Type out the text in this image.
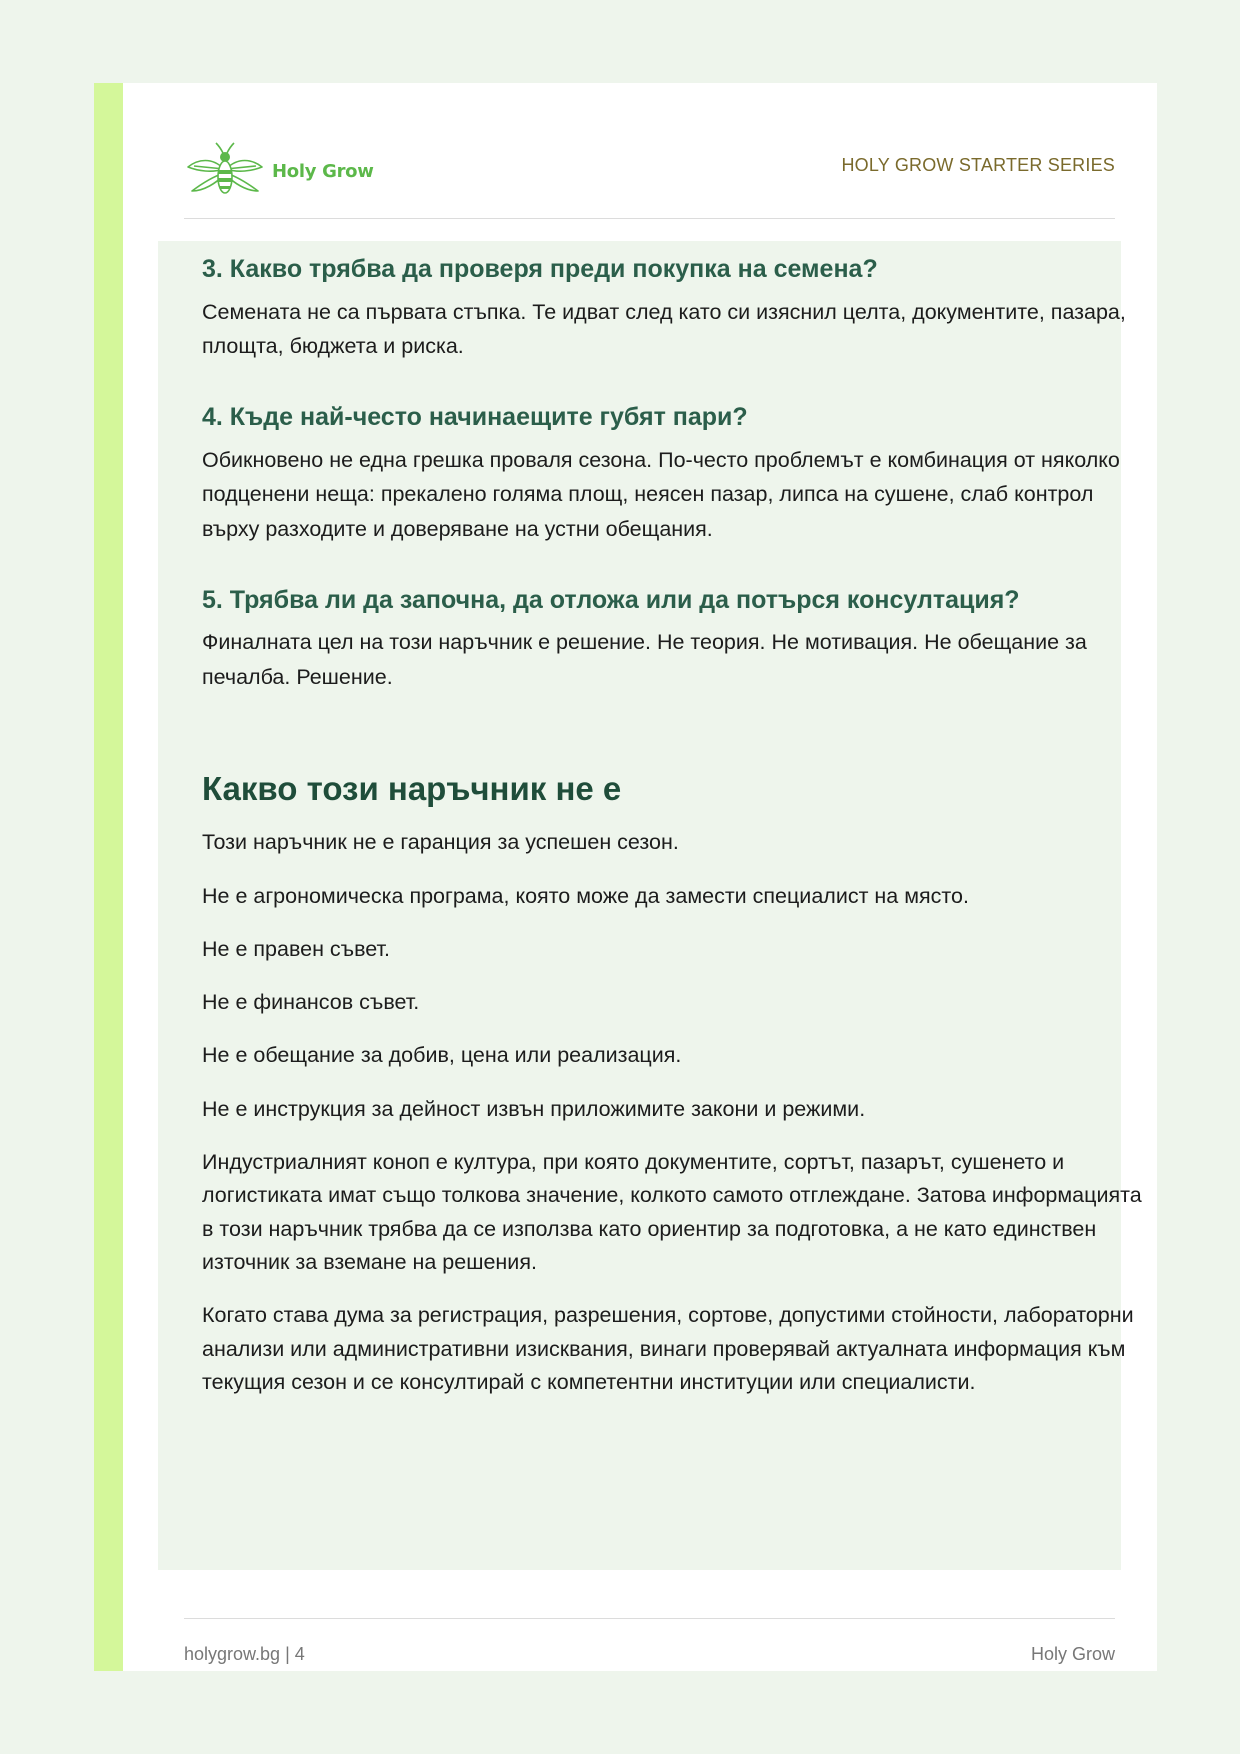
Holy Grow	HOLY GROW STARTER SERIES
3. Какво трябва да проверя преди покупка на семена?

Семената не са първата стъпка. Те идват след като си изяснил целта, документите, пазара, площта, бюджета и риска.

4. Къде най-често начинаещите губят пари?

Обикновено не една грешка проваля сезона. По-често проблемът е комбинация от няколко подценени неща: прекалено голяма площ, неясен пазар, липса на сушене, слаб контрол върху разходите и доверяване на устни обещания.

5. Трябва ли да започна, да отложа или да потърся консултация?

Финалната цел на този наръчник е решение. Не теория. Не мотивация. Не обещание за печалба. Решение.

Какво този наръчник не е

Този наръчник не е гаранция за успешен сезон.

Не е агрономическа програма, която може да замести специалист на място.

Не е правен съвет.

Не е финансов съвет.

Не е обещание за добив, цена или реализация.

Не е инструкция за дейност извън приложимите закони и режими.

Индустриалният коноп е култура, при която документите, сортът, пазарът, сушенето и логистиката имат също толкова значение, колкото самото отглеждане. Затова информацията в този наръчник трябва да се използва като ориентир за подготовка, а не като единствен източник за вземане на решения.

Когато става дума за регистрация, разрешения, сортове, допустими стойности, лабораторни анализи или административни изисквания, винаги проверявай актуалната информация към текущия сезон и се консултирай с компетентни институции или специалисти.

holygrow.bg | 4	Holy Grow
